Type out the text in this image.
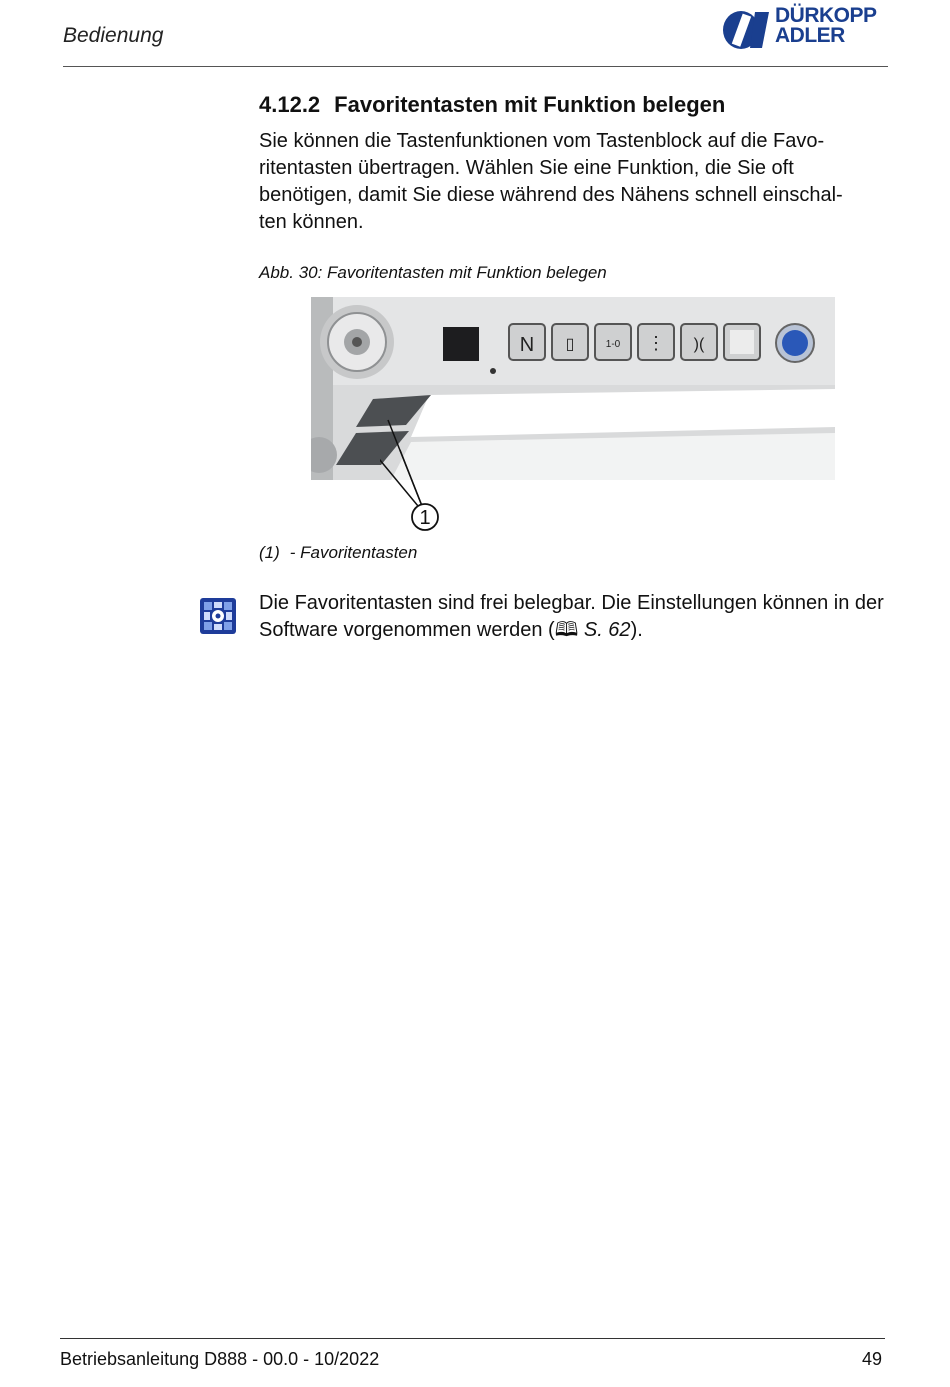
Bedienung
DÜRKOPP
ADLER
4.12.2 Favoritentasten mit Funktion belegen
Sie können die Tastenfunktionen vom Tastenblock auf die Favo-
ritentasten übertragen. Wählen Sie eine Funktion, die Sie oft
benötigen, damit Sie diese während des Nähens schnell einschal-
ten können.
Abb. 30: Favoritentasten mit Funktion belegen
N ▯	1-0 ⋮ )(
1
(1) - Favoritentasten
Die Favoritentasten sind frei belegbar. Die Einstellungen können in der Software vorgenommen werden (🕮 S. 62).
Betriebsanleitung D888 - 00.0 - 10/2022	49
